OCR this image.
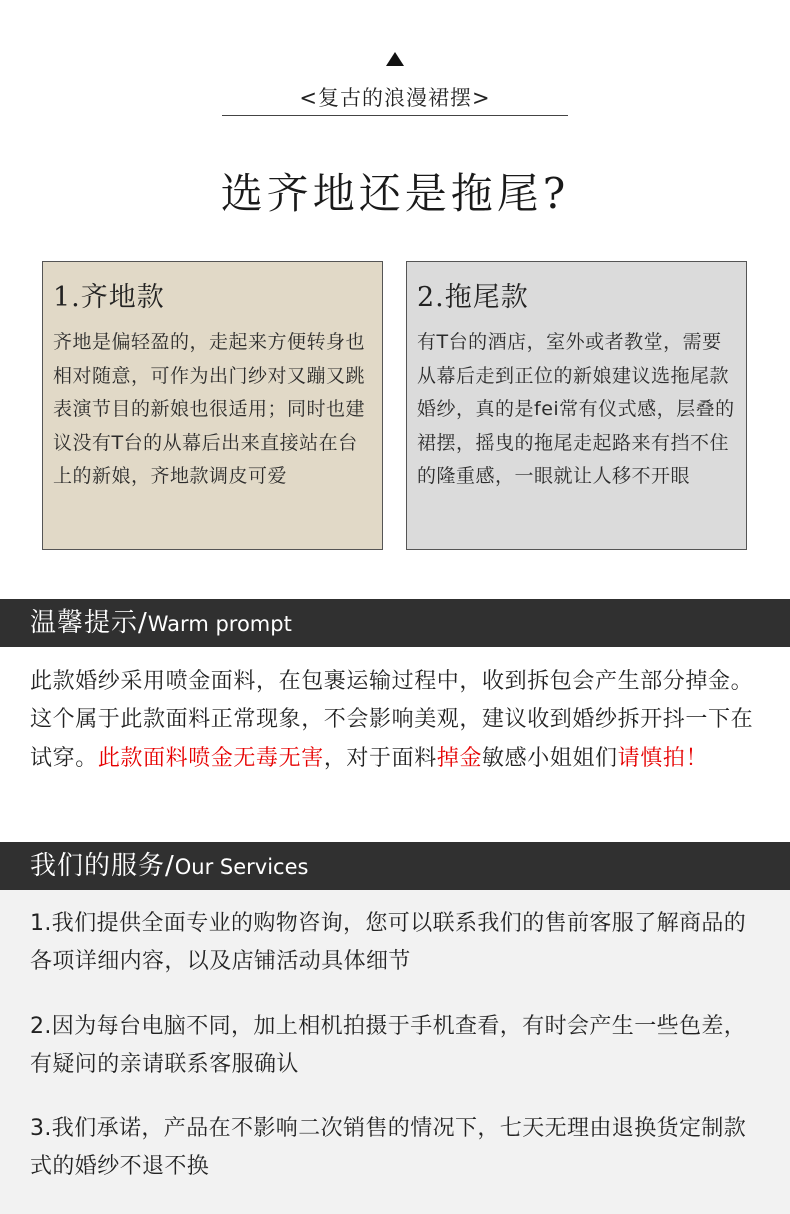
<复古的浪漫裙摆>
选齐地还是拖尾?
1.齐地款
齐地是偏轻盈的，走起来方便转身也相对随意，可作为出门纱对又蹦又跳表演节目的新娘也很适用；同时也建议没有T台的从幕后出来直接站在台上的新娘，齐地款调皮可爱
2.拖尾款
有T台的酒店，室外或者教堂，需要从幕后走到正位的新娘建议选拖尾款婚纱，真的是fei常有仪式感，层叠的裙摆，摇曳的拖尾走起路来有挡不住的隆重感，一眼就让人移不开眼
温馨提示/Warm prompt
此款婚纱采用喷金面料，在包裹运输过程中，收到拆包会产生部分掉金。这个属于此款面料正常现象，不会影响美观，建议收到婚纱拆开抖一下在试穿。此款面料喷金无毒无害，对于面料掉金敏感小姐姐们请慎拍！
我们的服务/Our Services
1.我们提供全面专业的购物咨询，您可以联系我们的售前客服了解商品的各项详细内容，以及店铺活动具体细节
2.因为每台电脑不同，加上相机拍摄于手机查看，有时会产生一些色差，有疑问的亲请联系客服确认
3.我们承诺，产品在不影响二次销售的情况下，七天无理由退换货定制款式的婚纱不退不换
